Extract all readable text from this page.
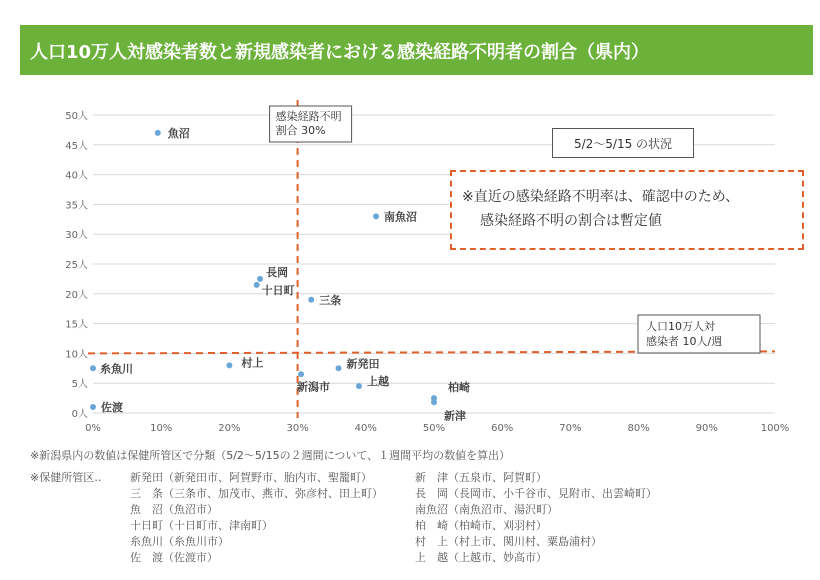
人口10万人対感染者数と新規感染者における感染経路不明者の割合（県内）
0人
5人
10人
15人
20人
25人
30人
35人
40人
45人
50人
0%	10%	20%	30%	40%	50%	60%	70%	80%	90%	100%
感染経路不明
割合 30%
人口10万人対
感染者 10人/週
魚沼
南魚沼
長岡
十日町
三条
糸魚川	村上	新発田
新潟市	上越	柏崎
新津
佐渡
5/2～5/15 の状況
※直近の感染経路不明率は、確認中のため、
感染経路不明の割合は暫定値
※新潟県内の数値は保健所管区で分類（5/2～5/15の２週間について、１週間平均の数値を算出）
※保健所管区‥	新発田（新発田市、阿賀野市、胎内市、聖籠町）
三　条（三条市、加茂市、燕市、弥彦村、田上町）
魚　沼（魚沼市）
十日町（十日町市、津南町）
糸魚川（糸魚川市）
佐　渡（佐渡市）
新　津（五泉市、阿賀町）
長　岡（長岡市、小千谷市、見附市、出雲崎町）
南魚沼（南魚沼市、湯沢町）
柏　崎（柏崎市、刈羽村）
村　上（村上市、関川村、粟島浦村）
上　越（上越市、妙高市）
